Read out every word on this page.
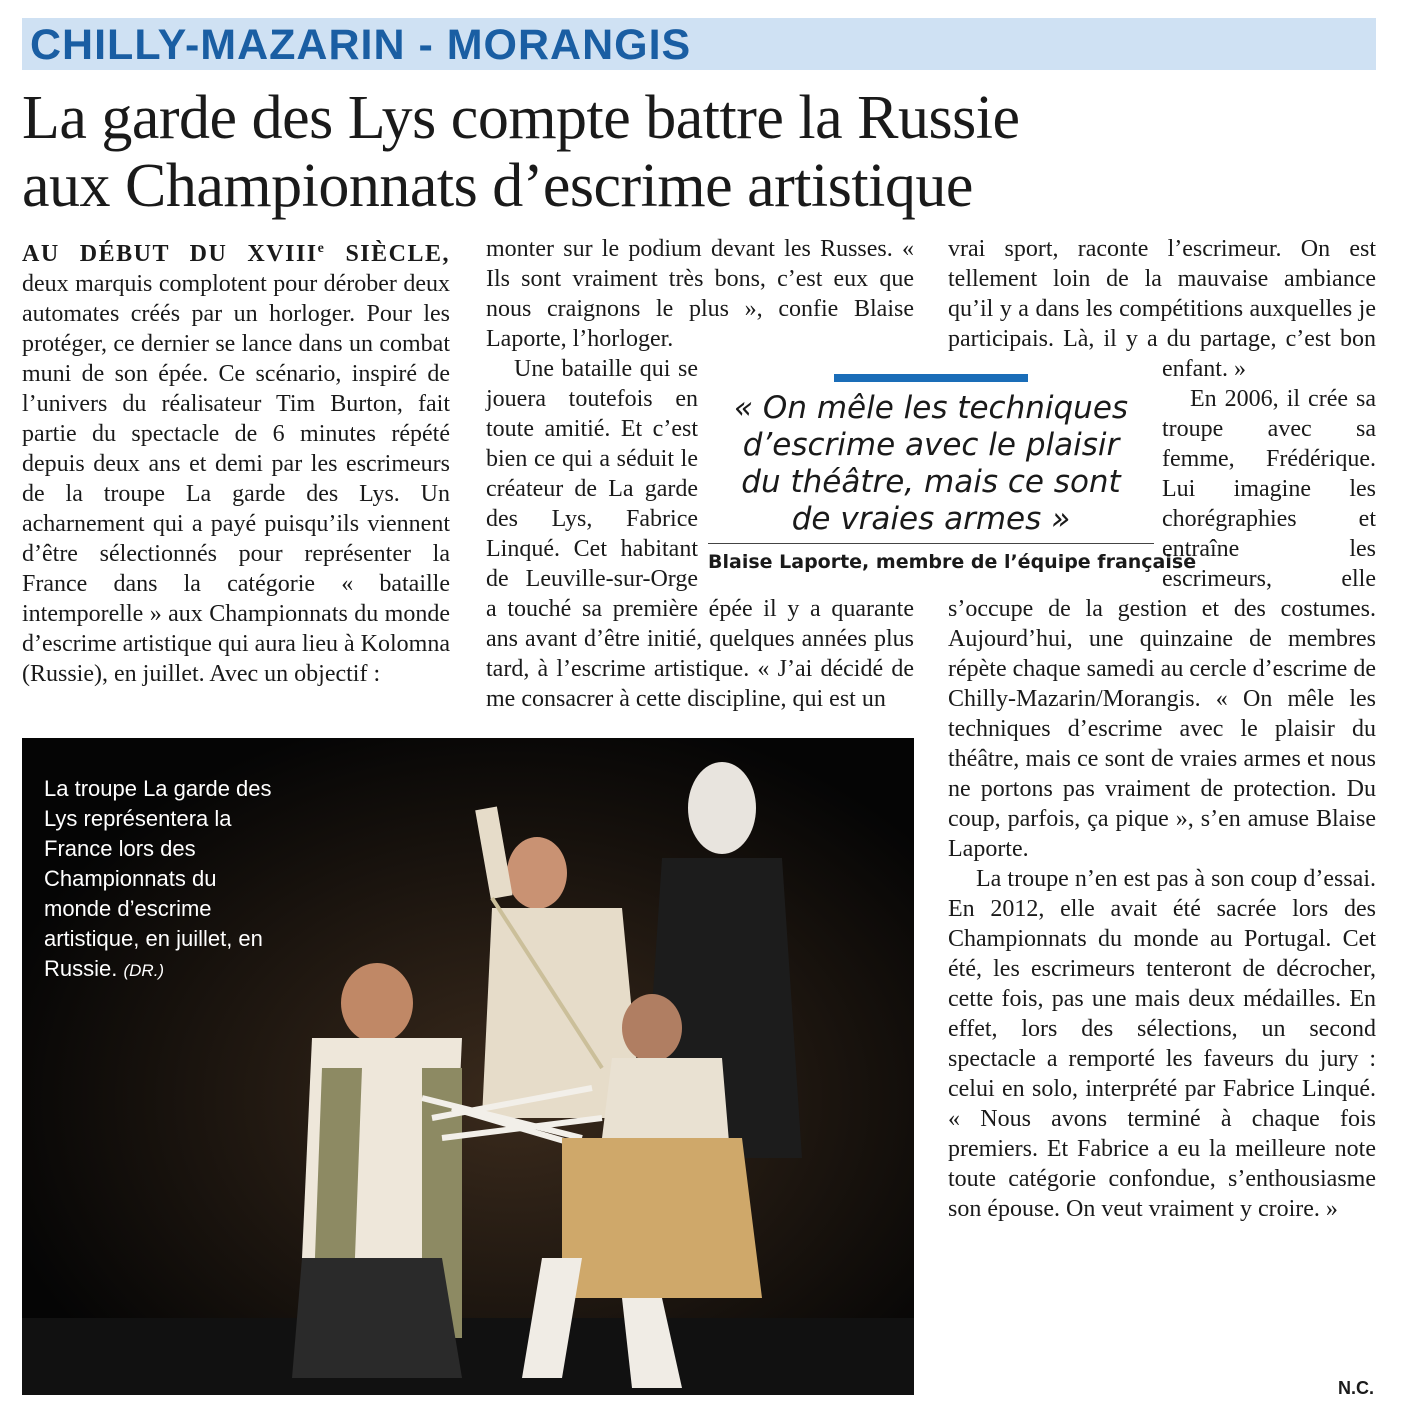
CHILLY-MAZARIN - MORANGIS
La garde des Lys compte battre la Russie
aux Championnats d’escrime artistique

AU DÉBUT DU XVIIIe SIÈCLE, deux marquis complotent pour dérober deux automates créés par un horloger. Pour les protéger, ce dernier se lance dans un combat muni de son épée. Ce scénario, inspiré de l’univers du réalisateur Tim Burton, fait partie du spectacle de 6 minutes répété depuis deux ans et demi par les escrimeurs de la troupe La garde des Lys. Un acharnement qui a payé puisqu’ils viennent d’être sélectionnés pour représenter la France dans la catégorie « bataille intemporelle » aux Championnats du monde d’escrime artistique qui aura lieu à Kolomna (Russie), en juillet. Avec un objectif :

monter sur le podium devant les Russes. « Ils sont vraiment très bons, c’est eux que nous craignons le plus », confie Blaise Laporte, l’horloger.

Une bataille qui se jouera toutefois en toute amitié. Et c’est bien ce qui a séduit le créateur de La garde des Lys, Fabrice Linqué. Cet habitant de Leuville-sur-Orge a touché sa première épée il y a quarante ans avant d’être initié, quelques années plus tard, à l’escrime artistique. « J’ai décidé de me consacrer à cette discipline, qui est un

vrai sport, raconte l’escrimeur. On est tellement loin de la mauvaise ambiance qu’il y a dans les compétitions auxquelles je participais. Là, il y a du partage, c’est bon enfant. »

En 2006, il crée sa troupe avec sa femme, Frédérique. Lui imagine les chorégraphies et entraîne les escrimeurs, elle s’occupe de la gestion et des costumes. Aujourd’hui, une quinzaine de membres répète chaque samedi au cercle d’escrime de Chilly-Mazarin/Morangis. « On mêle les techniques d’escrime avec le plaisir du théâtre, mais ce sont de vraies armes et nous ne portons pas vraiment de protection. Du coup, parfois, ça pique », s’en amuse Blaise Laporte.

La troupe n’en est pas à son coup d’essai. En 2012, elle avait été sacrée lors des Championnats du monde au Portugal. Cet été, les escrimeurs tenteront de décrocher, cette fois, pas une mais deux médailles. En effet, lors des sélections, un second spectacle a remporté les faveurs du jury : celui en solo, interprété par Fabrice Linqué. « Nous avons terminé à chaque fois premiers. Et Fabrice a eu la meilleure note toute catégorie confondue, s’enthousiasme son épouse. On veut vraiment y croire. »

« On mêle les techniques
d’escrime avec le plaisir
du théâtre, mais ce sont
de vraies armes »
Blaise Laporte, membre de l’équipe française
La troupe La garde des Lys représentera la France lors des Championnats du monde d’escrime artistique, en juillet, en Russie. (DR.)
N.C.
